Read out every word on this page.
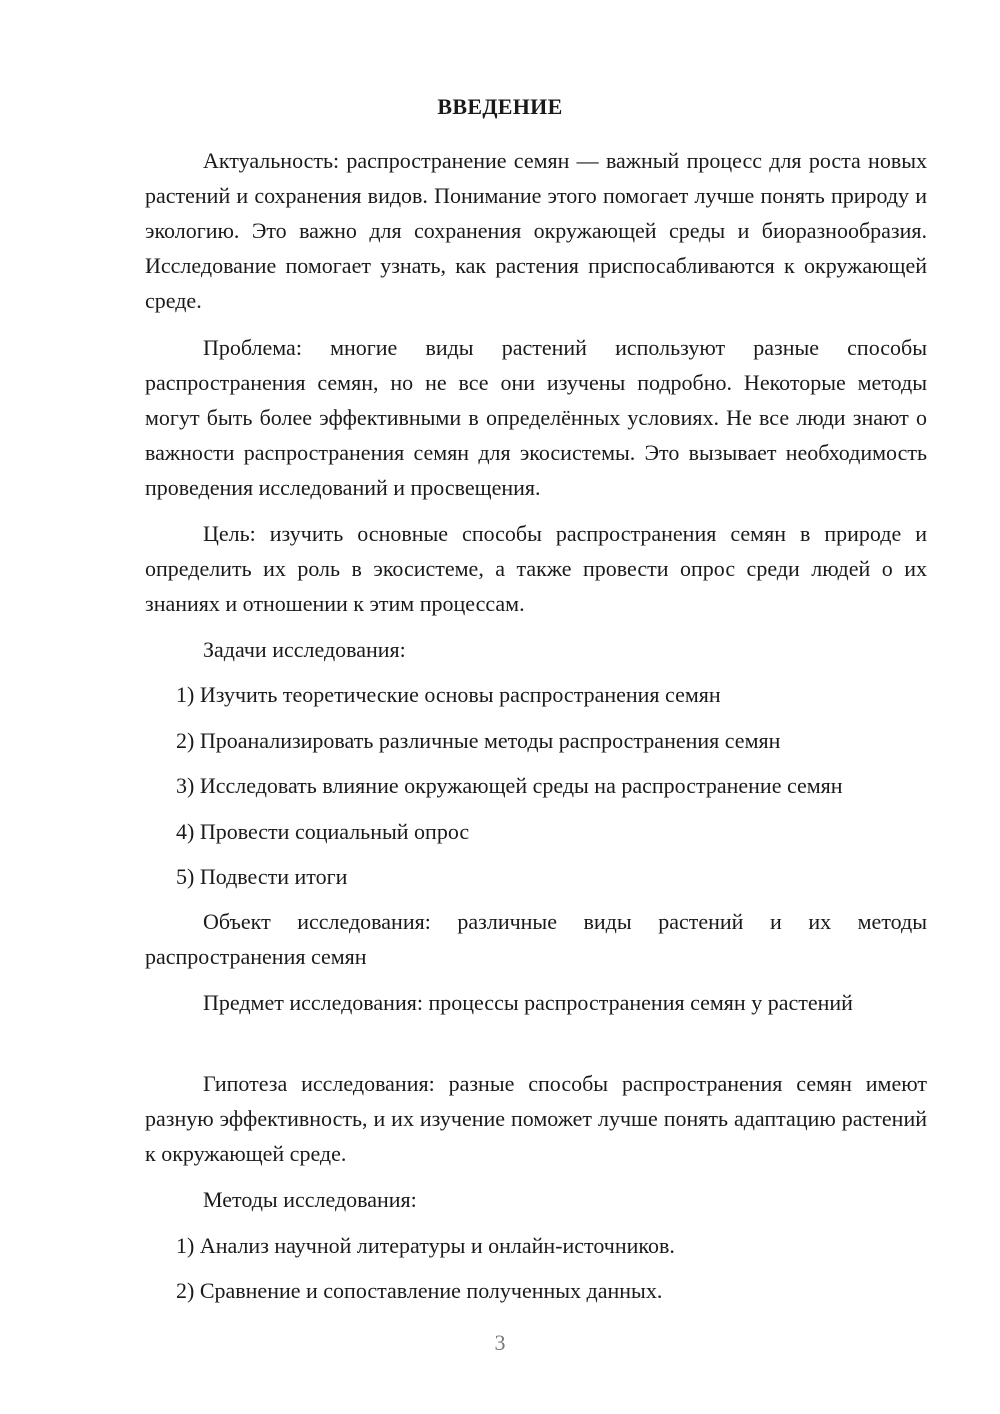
ВВЕДЕНИЕ

Актуальность: распространение семян — важный процесс для роста новых растений и сохранения видов. Понимание этого помогает лучше понять природу и экологию. Это важно для сохранения окружающей среды и биоразнообразия. Исследование помогает узнать, как растения приспосабливаются к окружающей среде.

Проблема: многие виды растений используют разные способы распространения семян, но не все они изучены подробно. Некоторые методы могут быть более эффективными в определённых условиях. Не все люди знают о важности распространения семян для экосистемы. Это вызывает необходимость проведения исследований и просвещения.

Цель: изучить основные способы распространения семян в природе и определить их роль в экосистеме, а также провести опрос среди людей о их знаниях и отношении к этим процессам.

Задачи исследования:

1) Изучить теоретические основы распространения семян

2) Проанализировать различные методы распространения семян

3) Исследовать влияние окружающей среды на распространение семян

4) Провести социальный опрос

5) Подвести итоги

Объект исследования: различные виды растений и их методы распространения семян

Предмет исследования: процессы распространения семян у растений

Гипотеза исследования: разные способы распространения семян имеют разную эффективность, и их изучение поможет лучше понять адаптацию растений к окружающей среде.

Методы исследования:

1) Анализ научной литературы и онлайн-источников.

2) Сравнение и сопоставление полученных данных.

3
